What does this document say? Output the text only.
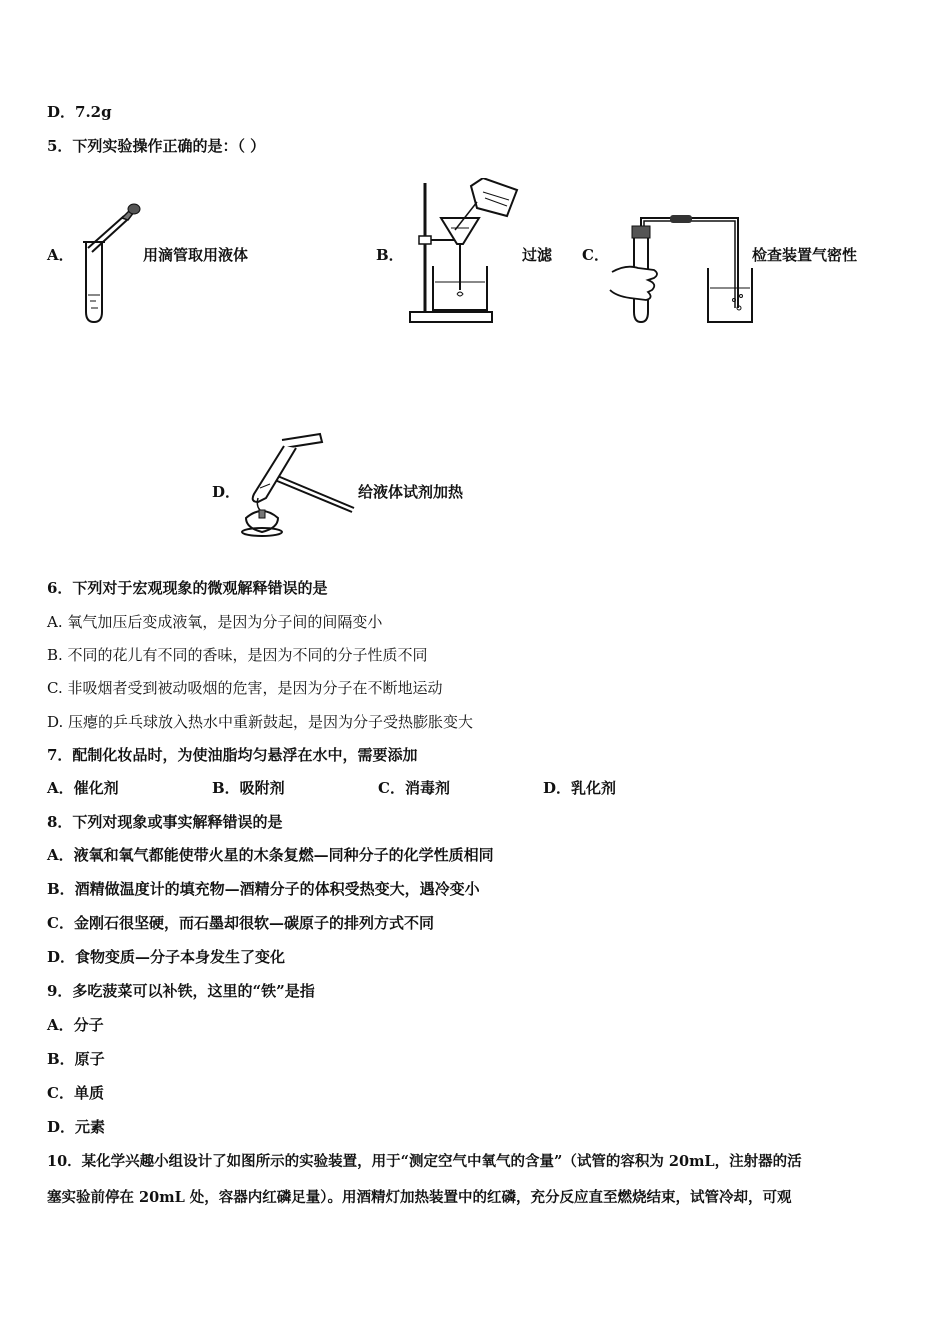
D．7.2g
5．下列实验操作正确的是：（ ）
A．	用滴管取用液体	B．	过滤 C．	检查装置气密性
D．	给液体试剂加热
6．下列对于宏观现象的微观解释错误的是
A. 氧气加压后变成液氧，是因为分子间的间隔变小
B. 不同的花儿有不同的香味，是因为不同的分子性质不同
C. 非吸烟者受到被动吸烟的危害，是因为分子在不断地运动
D. 压瘪的乒乓球放入热水中重新鼓起，是因为分子受热膨胀变大
7．配制化妆品时，为使油脂均匀悬浮在水中，需要添加
A．催化剂	B．吸附剂	C．消毒剂	D．乳化剂
8．下列对现象或事实解释错误的是
A．液氧和氧气都能使带火星的木条复燃—同种分子的化学性质相同
B．酒精做温度计的填充物—酒精分子的体积受热变大，遇冷变小
C．金刚石很坚硬，而石墨却很软—碳原子的排列方式不同
D．食物变质—分子本身发生了变化
9．多吃菠菜可以补铁，这里的“铁”是指
A．分子
B．原子
C．单质
D．元素
10．某化学兴趣小组设计了如图所示的实验装置，用于“测定空气中氧气的含量”（试管的容积为 20mL，注射器的活
塞实验前停在 20mL 处，容器内红磷足量）。用酒精灯加热装置中的红磷，充分反应直至燃烧结束，试管冷却，可观
